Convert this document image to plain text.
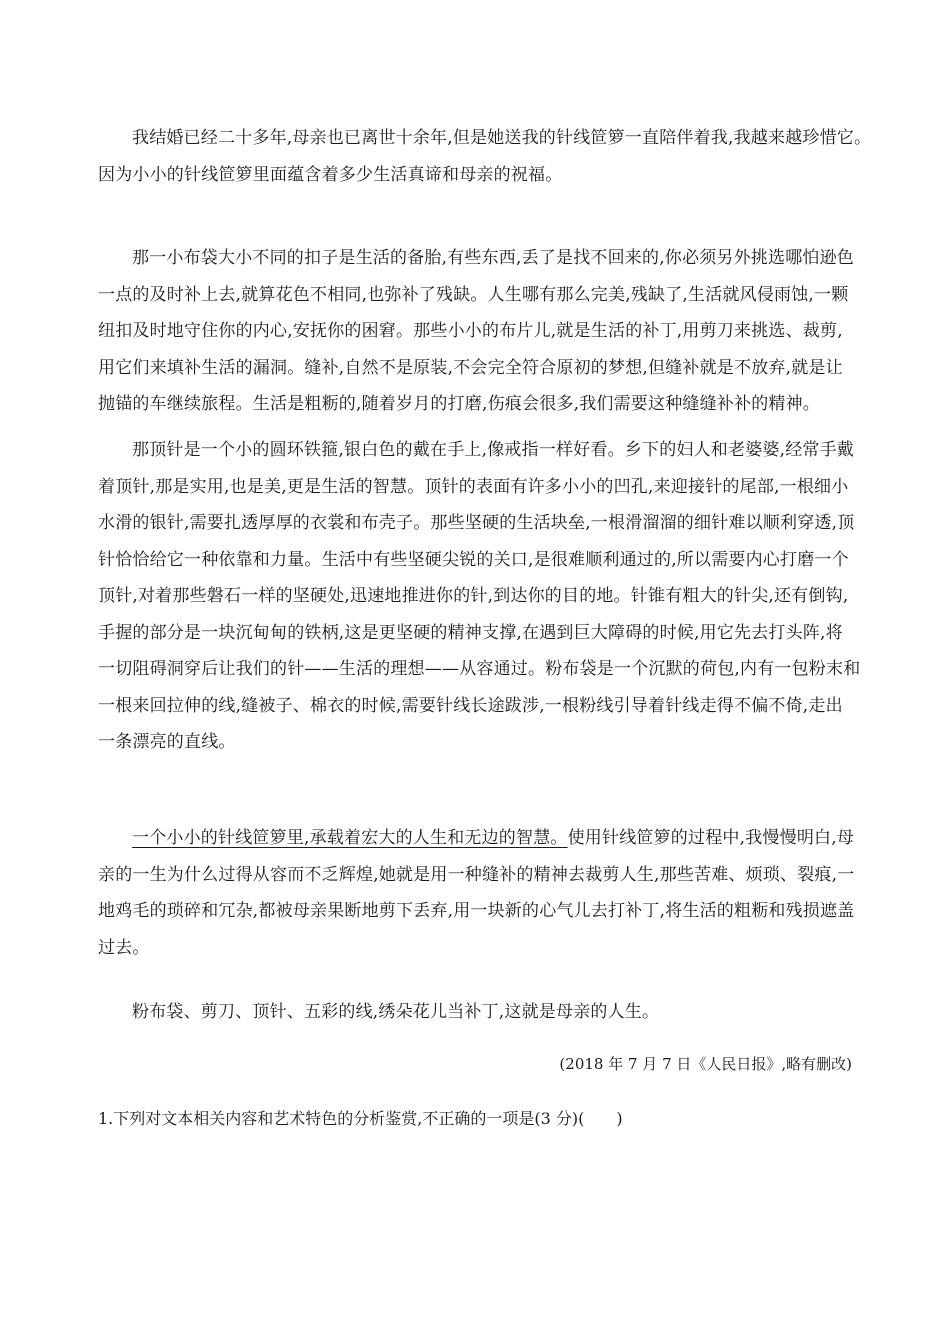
我结婚已经二十多年,母亲也已离世十余年,但是她送我的针线笸箩一直陪伴着我,我越来越珍惜它。
因为小小的针线笸箩里面蕴含着多少生活真谛和母亲的祝福。
那一小布袋大小不同的扣子是生活的备胎,有些东西,丢了是找不回来的,你必须另外挑选哪怕逊色
一点的及时补上去,就算花色不相同,也弥补了残缺。人生哪有那么完美,残缺了,生活就风侵雨蚀,一颗
纽扣及时地守住你的内心,安抚你的困窘。那些小小的布片儿,就是生活的补丁,用剪刀来挑选、裁剪,
用它们来填补生活的漏洞。缝补,自然不是原装,不会完全符合原初的梦想,但缝补就是不放弃,就是让
抛锚的车继续旅程。生活是粗粝的,随着岁月的打磨,伤痕会很多,我们需要这种缝缝补补的精神。
那顶针是一个小的圆环铁箍,银白色的戴在手上,像戒指一样好看。乡下的妇人和老婆婆,经常手戴
着顶针,那是实用,也是美,更是生活的智慧。顶针的表面有许多小小的凹孔,来迎接针的尾部,一根细小
水滑的银针,需要扎透厚厚的衣裳和布壳子。那些坚硬的生活块垒,一根滑溜溜的细针难以顺利穿透,顶
针恰恰给它一种依靠和力量。生活中有些坚硬尖锐的关口,是很难顺利通过的,所以需要内心打磨一个
顶针,对着那些磐石一样的坚硬处,迅速地推进你的针,到达你的目的地。针锥有粗大的针尖,还有倒钩,
手握的部分是一块沉甸甸的铁柄,这是更坚硬的精神支撑,在遇到巨大障碍的时候,用它先去打头阵,将
一切阻碍洞穿后让我们的针——生活的理想——从容通过。粉布袋是一个沉默的荷包,内有一包粉末和
一根来回拉伸的线,缝被子、棉衣的时候,需要针线长途跋涉,一根粉线引导着针线走得不偏不倚,走出
一条漂亮的直线。
一个小小的针线笸箩里,承载着宏大的人生和无边的智慧。使用针线笸箩的过程中,我慢慢明白,母
亲的一生为什么过得从容而不乏辉煌,她就是用一种缝补的精神去裁剪人生,那些苦难、烦琐、裂痕,一
地鸡毛的琐碎和冗杂,都被母亲果断地剪下丢弃,用一块新的心气儿去打补丁,将生活的粗粝和残损遮盖
过去。
粉布袋、剪刀、顶针、五彩的线,绣朵花儿当补丁,这就是母亲的人生。
(2018 年 7 月 7 日《人民日报》,略有删改)
1.下列对文本相关内容和艺术特色的分析鉴赏,不正确的一项是(3 分)(　　)
